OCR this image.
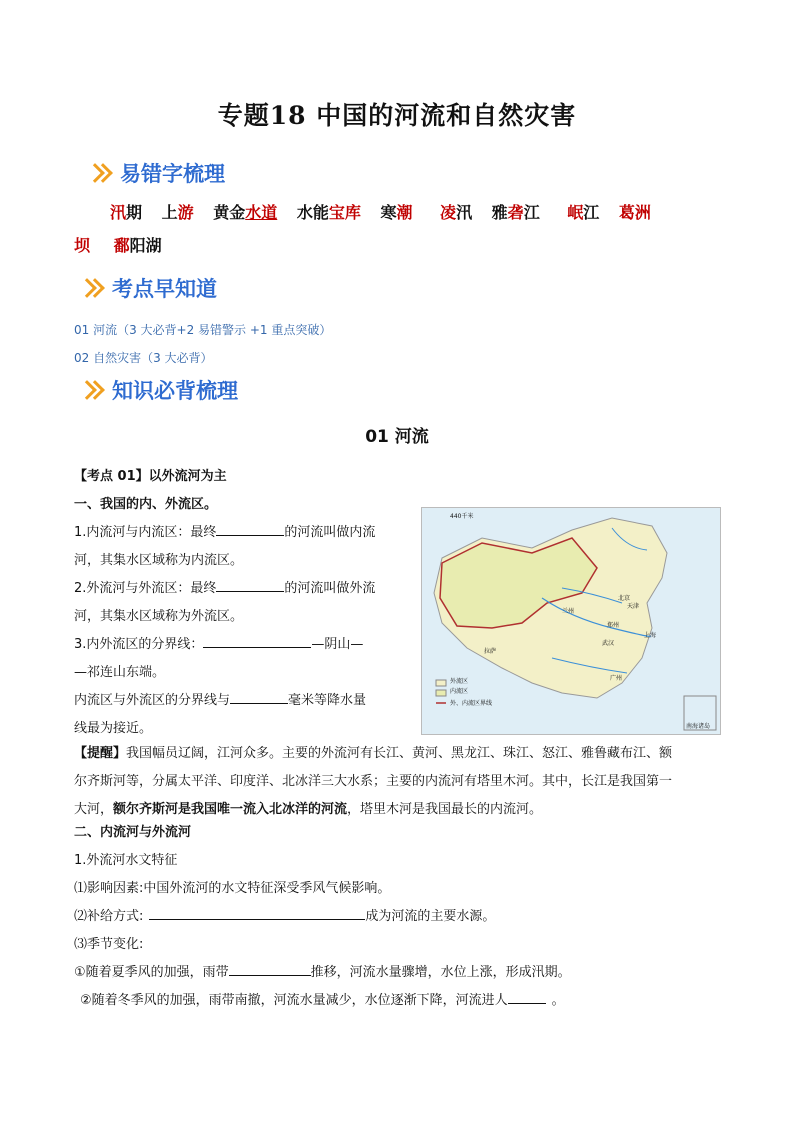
专题18 中国的河流和自然灾害
易错字梳理
汛期 上游 黄金水道 水能宝库 寒潮 凌汛 雅砻江 岷江 葛洲
坝 鄱阳湖
考点早知道
01 河流（3 大必背+2 易错警示 +1 重点突破）
02 自然灾害（3 大必背）
知识必背梳理
01 河流
【考点 01】以外流河为主
一、我国的内、外流区。
1.内流河与内流区：最终	的河流叫做内流
河，其集水区域称为内流区。
2.外流河与外流区：最终	的河流叫做外流
河，其集水区域称为外流区。
3.内外流区的分界线：	—阴山—
—祁连山东端。
内流区与外流区的分界线与	毫米等降水量
线最为接近。
440千米
外流区
内流区
外、内流区界线
南海诸岛
北京
天津
郑州
武汉
上海
广州
拉萨
兰州
【提醒】我国幅员辽阔，江河众多。主要的外流河有长江、黄河、黑龙江、珠江、怒江、雅鲁藏布江、额
尔齐斯河等，分属太平洋、印度洋、北冰洋三大水系；主要的内流河有塔里木河。其中，长江是我国第一
大河，额尔齐斯河是我国唯一流入北冰洋的河流，塔里木河是我国最长的内流河。
二、内流河与外流河
1.外流河水文特征
⑴影响因素:中国外流河的水文特征深受季风气候影响。
⑵补给方式:	成为河流的主要水源。
⑶季节变化:
①随着夏季风的加强，雨带	推移，河流水量骤增，水位上涨，形成汛期。
②随着冬季风的加强，雨带南撤，河流水量减少，水位逐渐下降，河流进人	。
